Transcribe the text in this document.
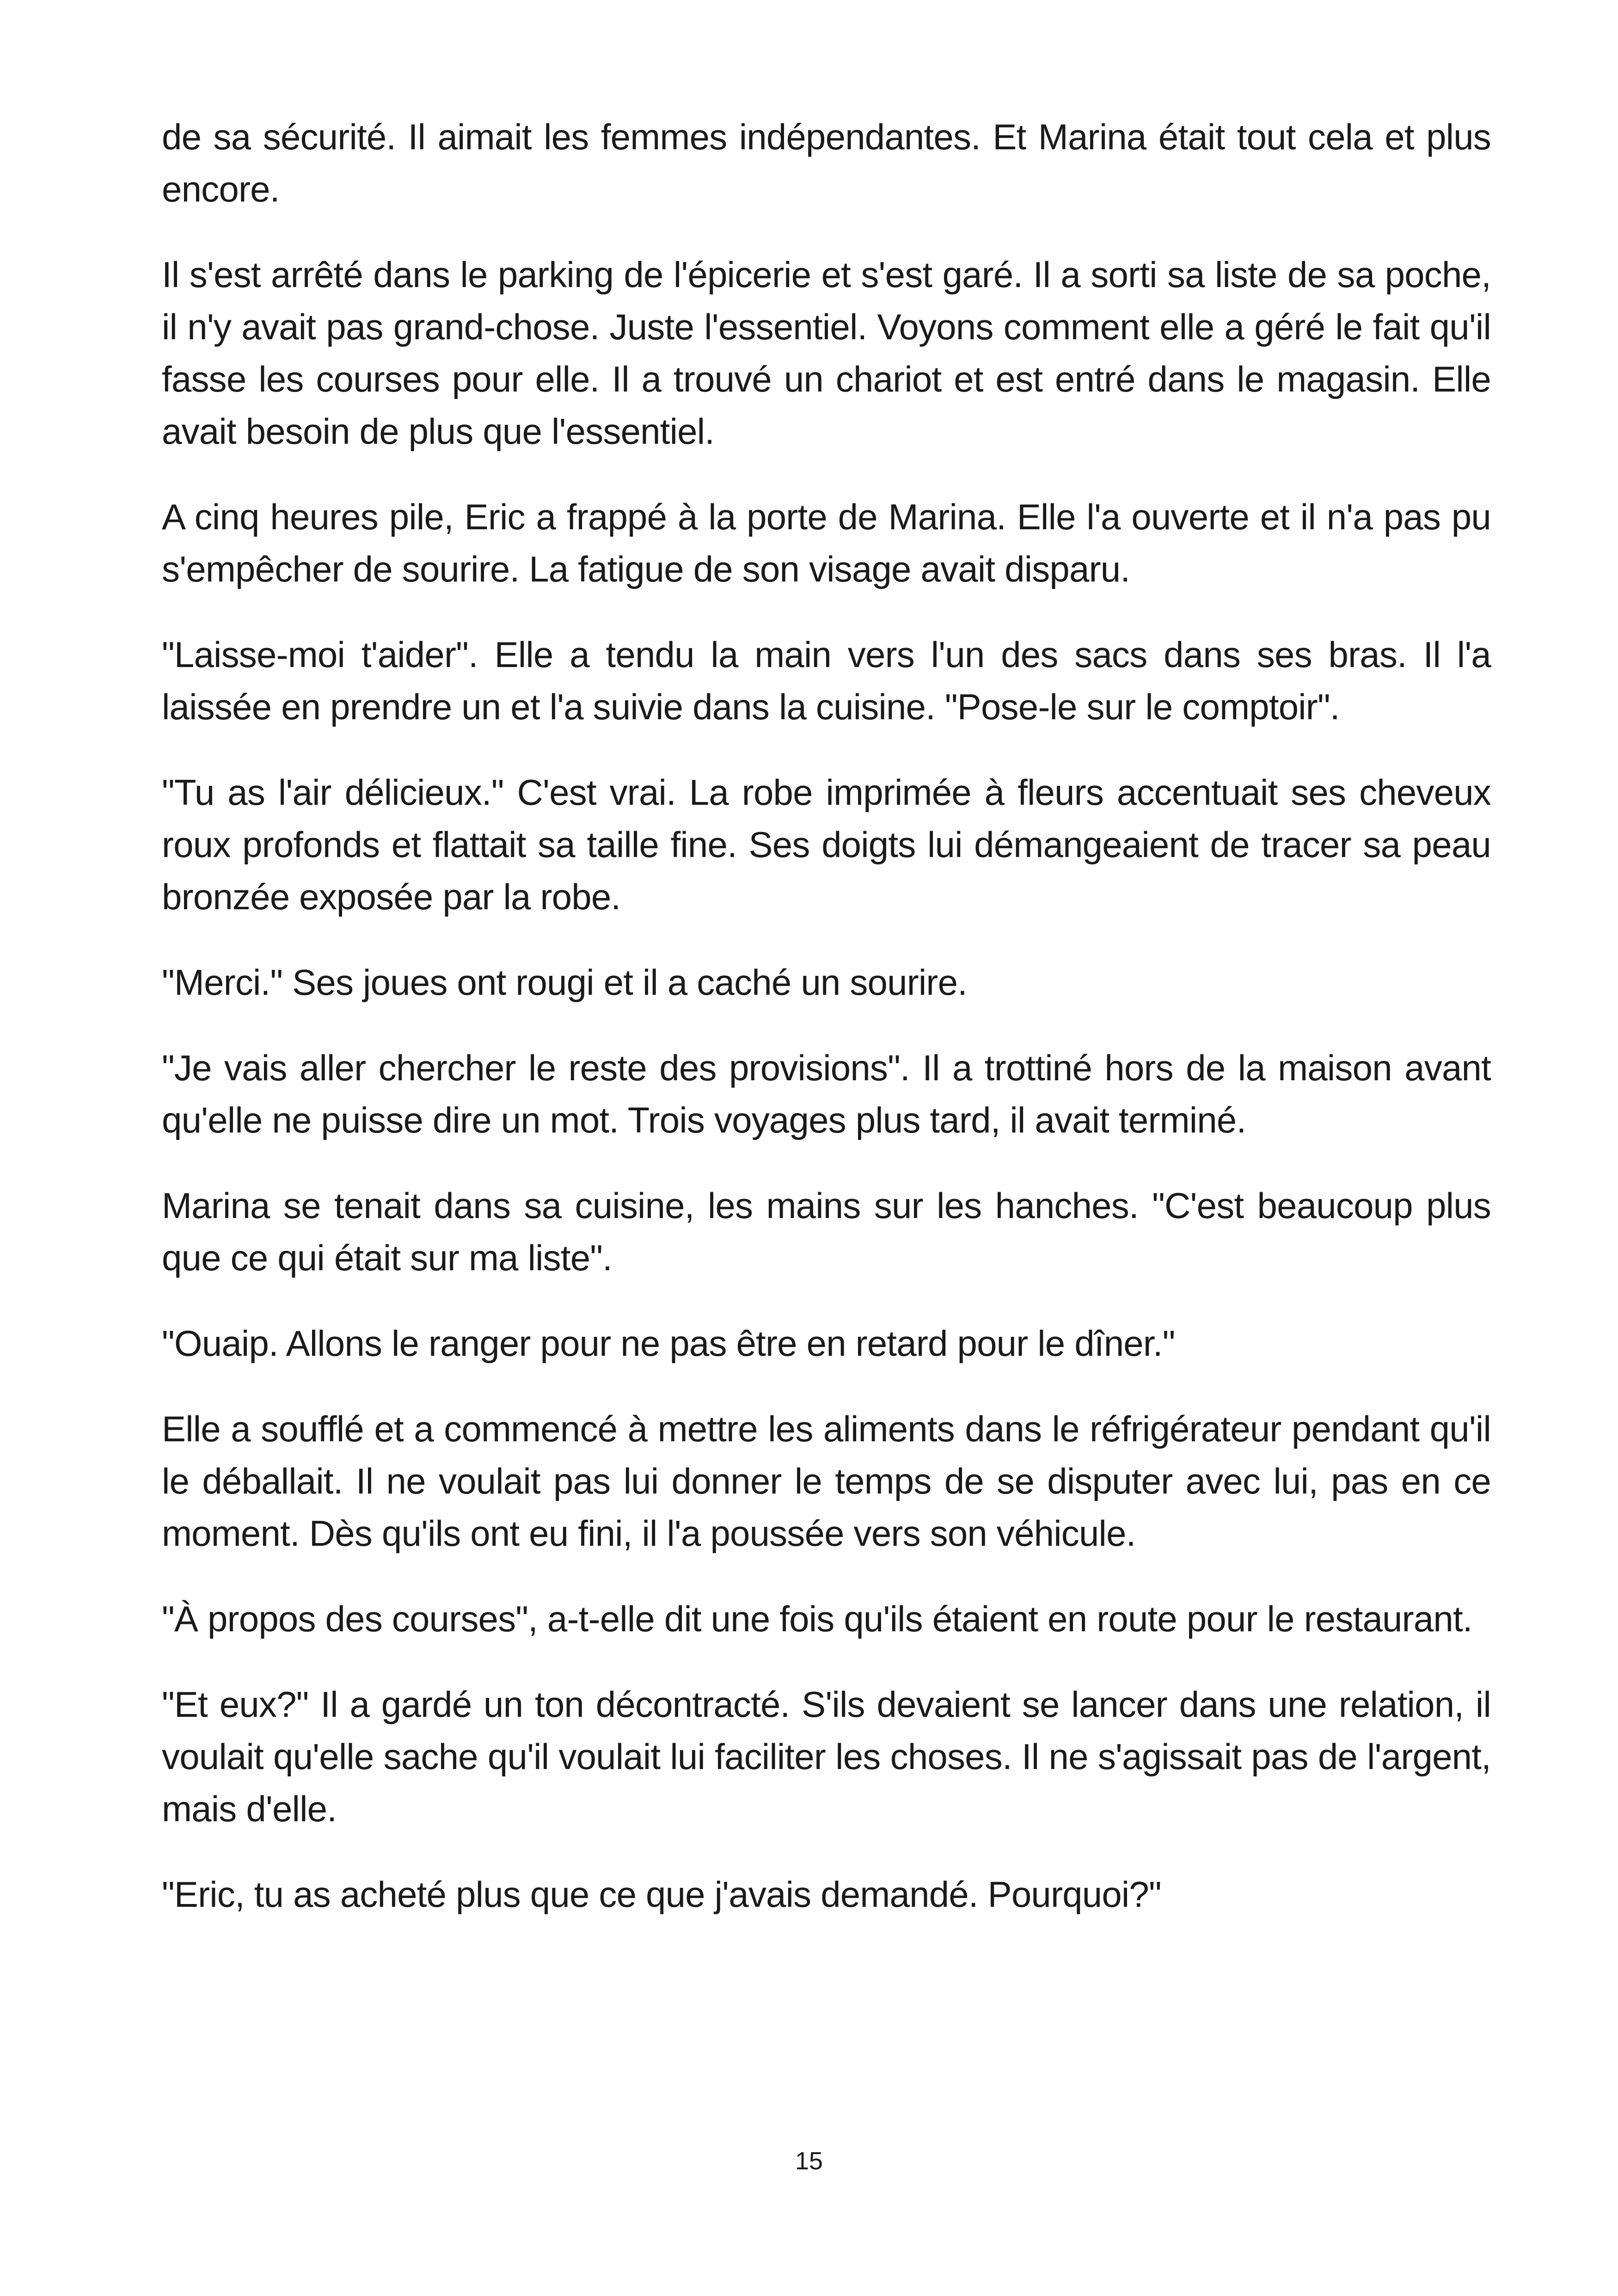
de sa sécurité. Il aimait les femmes indépendantes. Et Marina était tout cela et plus encore.

Il s'est arrêté dans le parking de l'épicerie et s'est garé. Il a sorti sa liste de sa poche, il n'y avait pas grand-chose. Juste l'essentiel. Voyons comment elle a géré le fait qu'il fasse les courses pour elle. Il a trouvé un chariot et est entré dans le magasin. Elle avait besoin de plus que l'essentiel.

A cinq heures pile, Eric a frappé à la porte de Marina. Elle l'a ouverte et il n'a pas pu s'empêcher de sourire. La fatigue de son visage avait disparu.

"Laisse-moi t'aider". Elle a tendu la main vers l'un des sacs dans ses bras. Il l'a laissée en prendre un et l'a suivie dans la cuisine. "Pose-le sur le comptoir".

"Tu as l'air délicieux." C'est vrai. La robe imprimée à fleurs accentuait ses cheveux roux profonds et flattait sa taille fine. Ses doigts lui démangeaient de tracer sa peau bronzée exposée par la robe.

"Merci." Ses joues ont rougi et il a caché un sourire.

"Je vais aller chercher le reste des provisions". Il a trottiné hors de la maison avant qu'elle ne puisse dire un mot. Trois voyages plus tard, il avait terminé.

Marina se tenait dans sa cuisine, les mains sur les hanches. "C'est beaucoup plus que ce qui était sur ma liste".

"Ouaip. Allons le ranger pour ne pas être en retard pour le dîner."

Elle a soufflé et a commencé à mettre les aliments dans le réfrigérateur pendant qu'il le déballait. Il ne voulait pas lui donner le temps de se disputer avec lui, pas en ce moment. Dès qu'ils ont eu fini, il l'a poussée vers son véhicule.

"À propos des courses", a-t-elle dit une fois qu'ils étaient en route pour le restaurant.

"Et eux?" Il a gardé un ton décontracté. S'ils devaient se lancer dans une relation, il voulait qu'elle sache qu'il voulait lui faciliter les choses. Il ne s'agissait pas de l'argent, mais d'elle.

"Eric, tu as acheté plus que ce que j'avais demandé. Pourquoi?"

15
